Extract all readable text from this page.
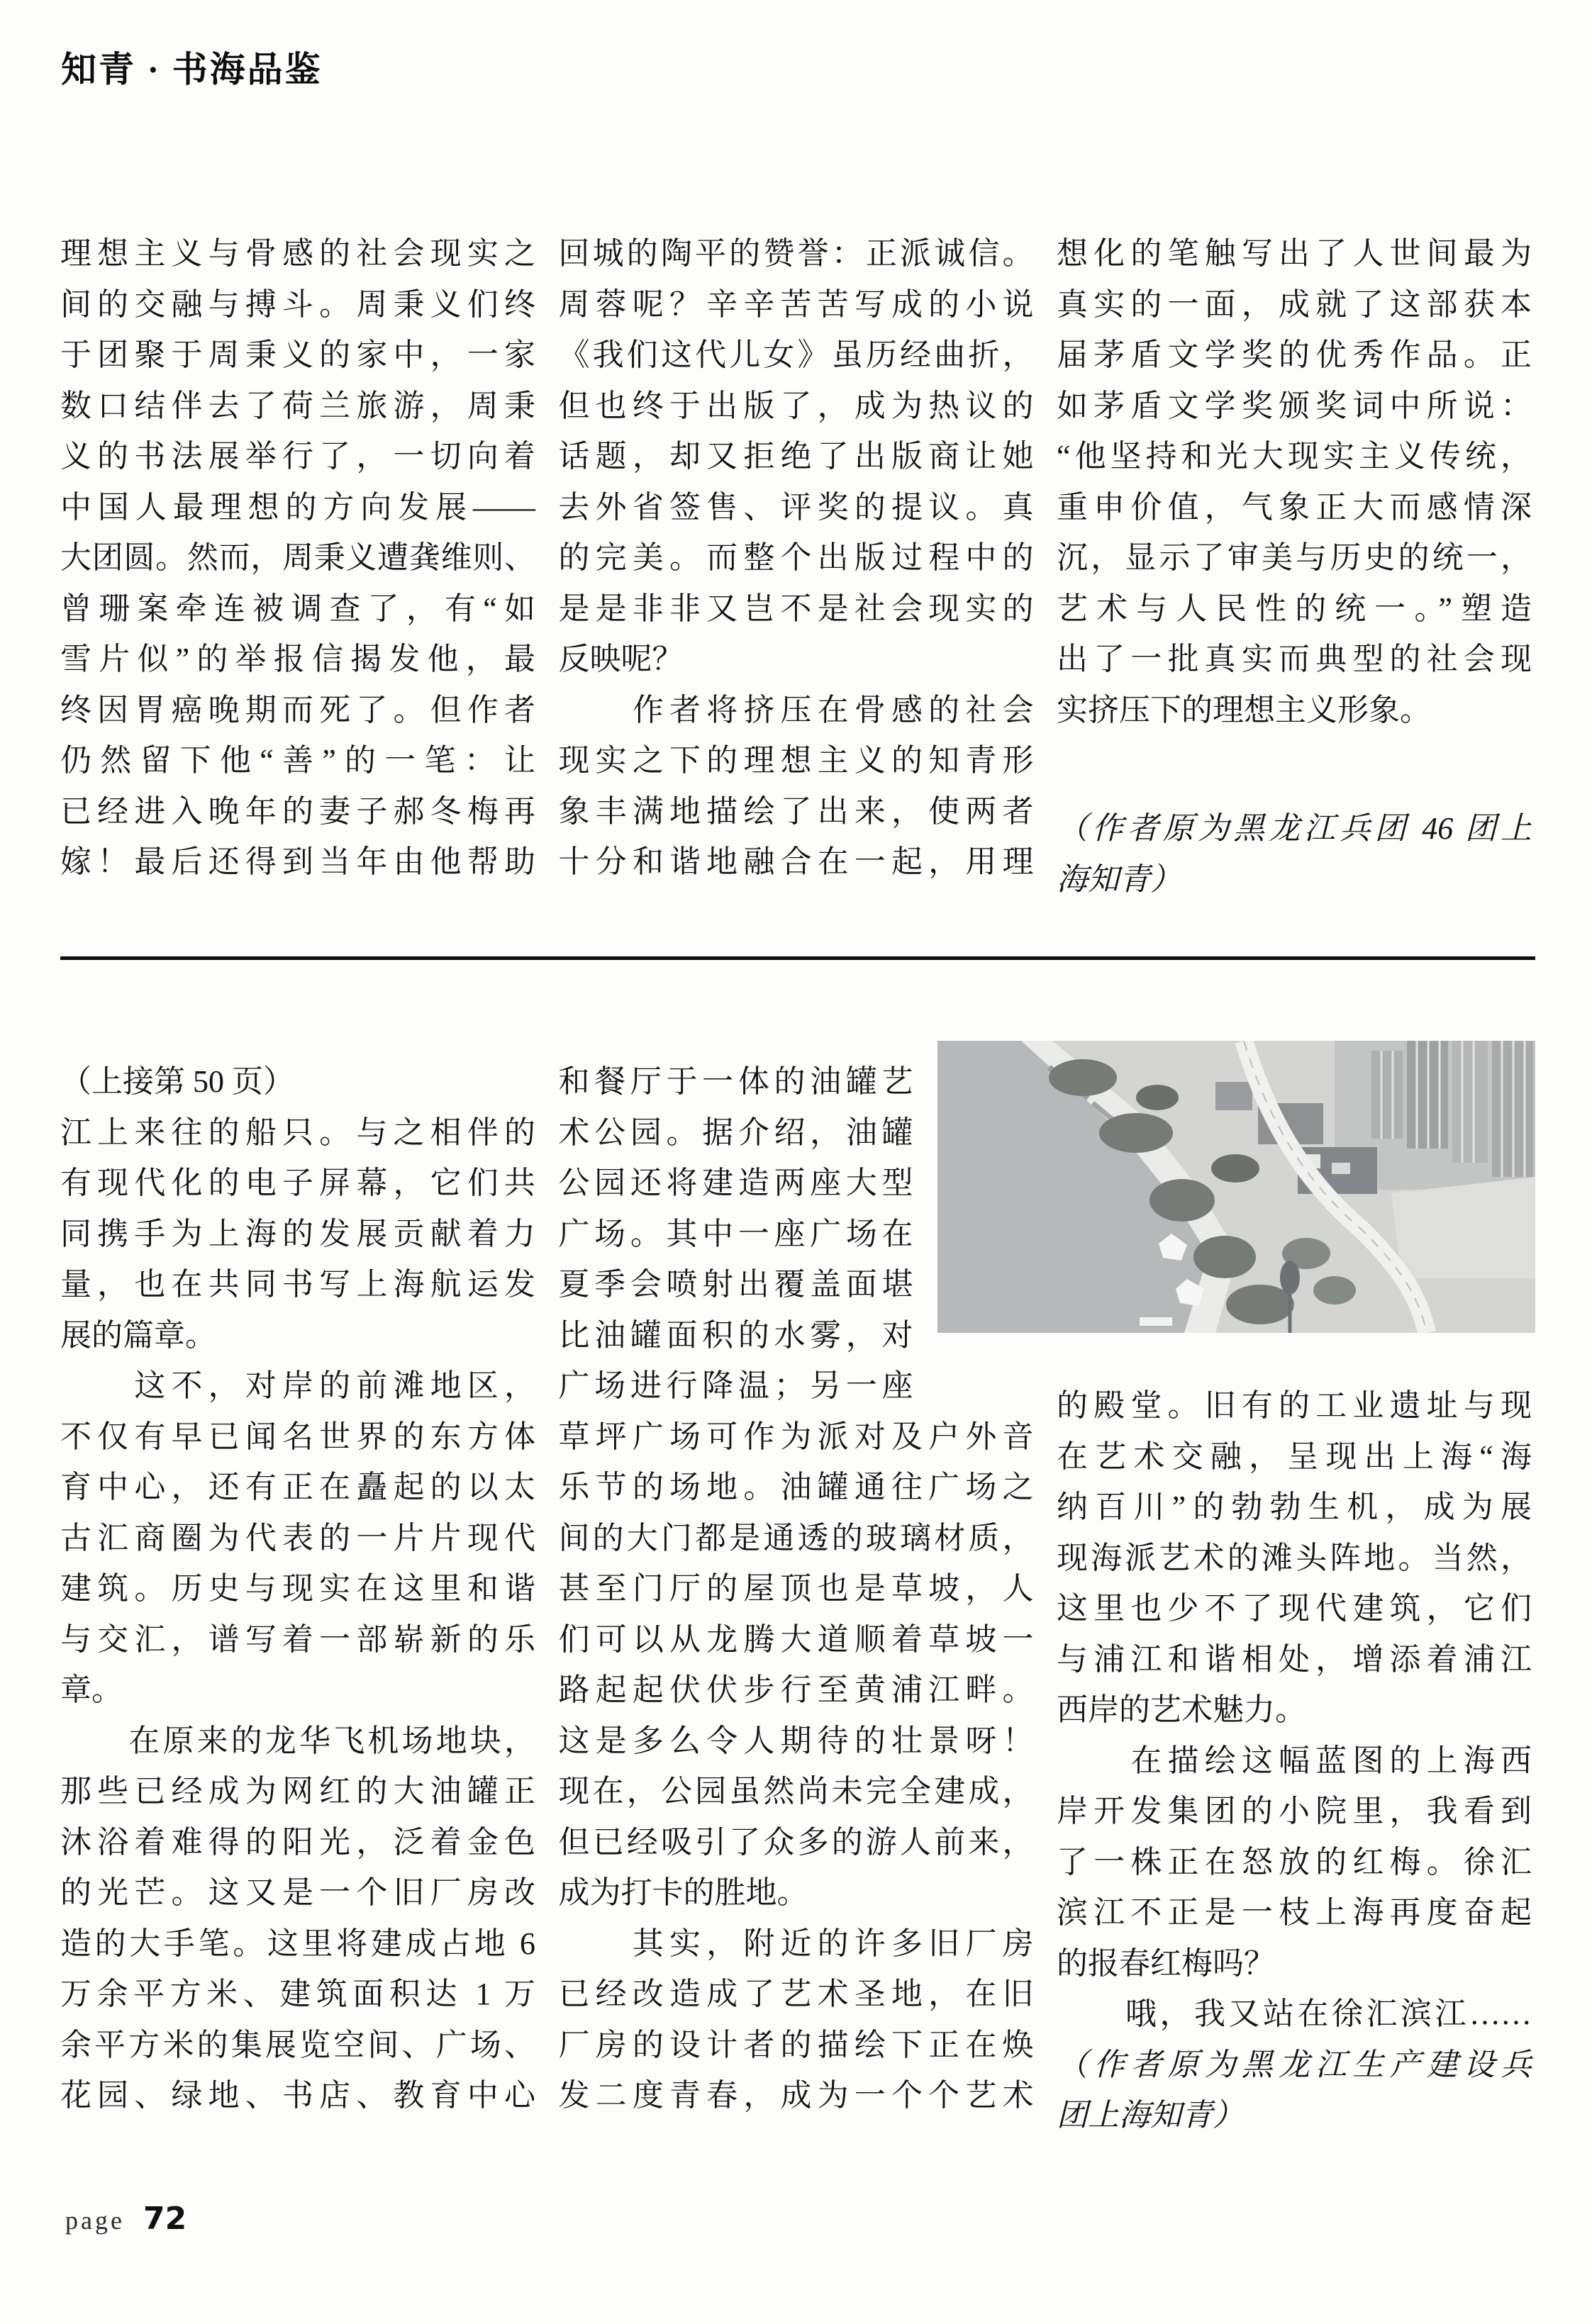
知青 · 书海品鉴
理想主义与骨感的社会现实之
间的交融与搏斗。周秉义们终
于团聚于周秉义的家中，一家
数口结伴去了荷兰旅游，周秉
义的书法展举行了，一切向着
中国人最理想的方向发展——
大团圆。然而，周秉义遭龚维则、
曾珊案牵连被调查了，有“如
雪片似”的举报信揭发他，最
终因胃癌晚期而死了。但作者
仍然留下他“善”的一笔：让
已经进入晚年的妻子郝冬梅再
嫁！最后还得到当年由他帮助
回城的陶平的赞誉：正派诚信。
周蓉呢？辛辛苦苦写成的小说
《我们这代儿女》虽历经曲折，
但也终于出版了，成为热议的
话题，却又拒绝了出版商让她
去外省签售、评奖的提议。真
的完美。而整个出版过程中的
是是非非又岂不是社会现实的
反映呢？
　　作者将挤压在骨感的社会
现实之下的理想主义的知青形
象丰满地描绘了出来，使两者
十分和谐地融合在一起，用理
想化的笔触写出了人世间最为
真实的一面，成就了这部获本
届茅盾文学奖的优秀作品。正
如茅盾文学奖颁奖词中所说：
“他坚持和光大现实主义传统，
重申价值，气象正大而感情深
沉，显示了审美与历史的统一，
艺术与人民性的统一。”塑造
出了一批真实而典型的社会现
实挤压下的理想主义形象。
（作者原为黑龙江兵团 46 团上
海知青）
（上接第 50 页）
江上来往的船只。与之相伴的
有现代化的电子屏幕，它们共
同携手为上海的发展贡献着力
量，也在共同书写上海航运发
展的篇章。
　　这不，对岸的前滩地区，
不仅有早已闻名世界的东方体
育中心，还有正在矗起的以太
古汇商圈为代表的一片片现代
建筑。历史与现实在这里和谐
与交汇，谱写着一部崭新的乐
章。
　　在原来的龙华飞机场地块，
那些已经成为网红的大油罐正
沐浴着难得的阳光，泛着金色
的光芒。这又是一个旧厂房改
造的大手笔。这里将建成占地 6
万余平方米、建筑面积达 1 万
余平方米的集展览空间、广场、
花园、绿地、书店、教育中心
和餐厅于一体的油罐艺
术公园。据介绍，油罐
公园还将建造两座大型
广场。其中一座广场在
夏季会喷射出覆盖面堪
比油罐面积的水雾，对
广场进行降温；另一座
草坪广场可作为派对及户外音
乐节的场地。油罐通往广场之
间的大门都是通透的玻璃材质，
甚至门厅的屋顶也是草坡，人
们可以从龙腾大道顺着草坡一
路起起伏伏步行至黄浦江畔。
这是多么令人期待的壮景呀！
现在，公园虽然尚未完全建成，
但已经吸引了众多的游人前来，
成为打卡的胜地。
　　其实，附近的许多旧厂房
已经改造成了艺术圣地，在旧
厂房的设计者的描绘下正在焕
发二度青春，成为一个个艺术
的殿堂。旧有的工业遗址与现
在艺术交融，呈现出上海“海
纳百川”的勃勃生机，成为展
现海派艺术的滩头阵地。当然，
这里也少不了现代建筑，它们
与浦江和谐相处，增添着浦江
西岸的艺术魅力。
　　在描绘这幅蓝图的上海西
岸开发集团的小院里，我看到
了一株正在怒放的红梅。徐汇
滨江不正是一枝上海再度奋起
的报春红梅吗？
　　哦，我又站在徐汇滨江……
（作者原为黑龙江生产建设兵
团上海知青）
page 72
